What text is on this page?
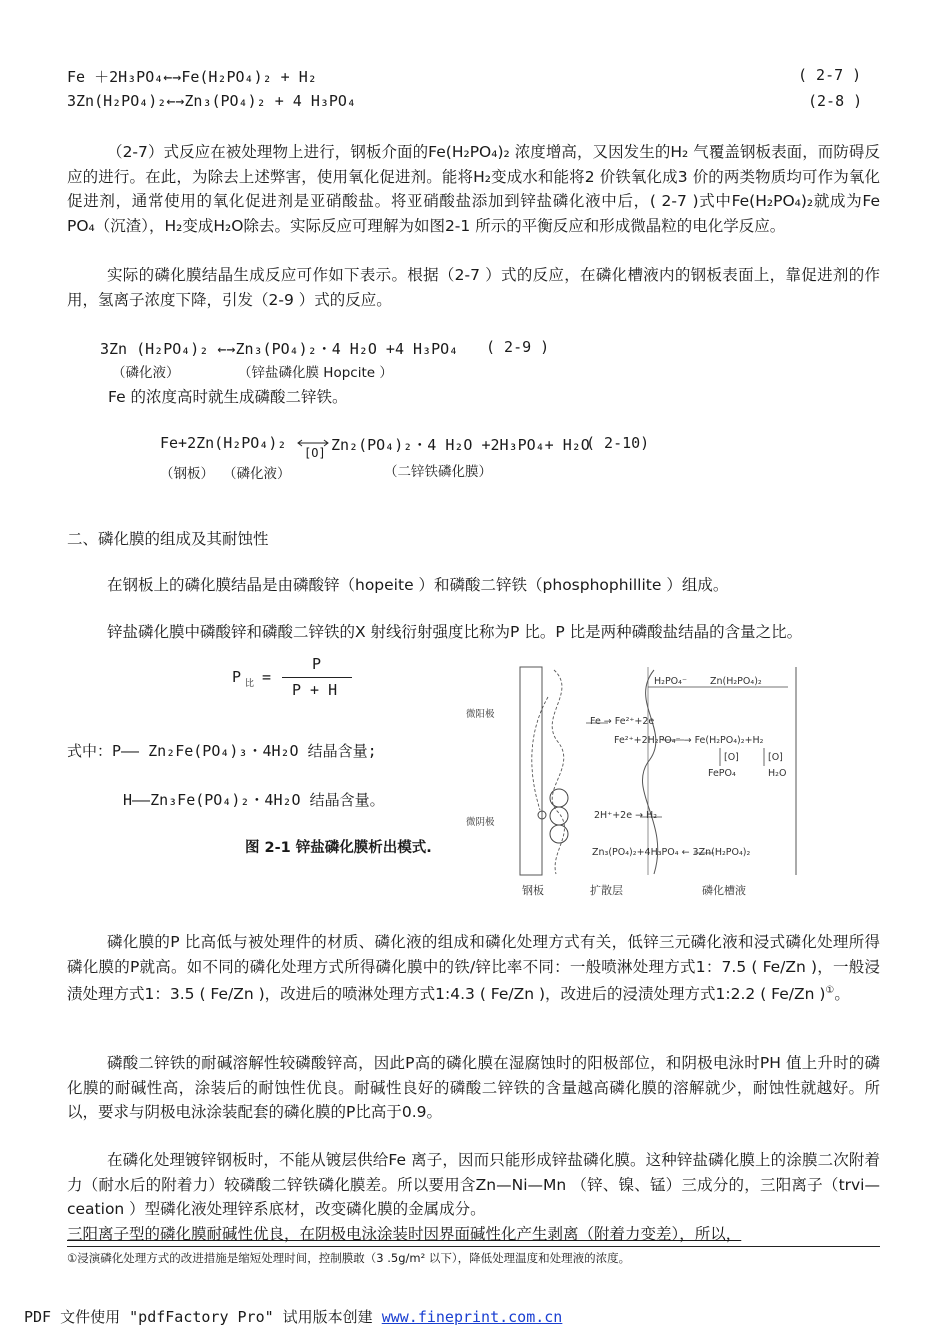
Fe ＋2H₃PO₄←→Fe(H₂PO₄)₂ + H₂	( 2-7 )
3Zn(H₂PO₄)₂←→Zn₃(PO₄)₂ + 4 H₃PO₄	(2-8 )
（2-7）式反应在被处理物上进行，钢板介面的Fe(H₂PO₄)₂ 浓度增高，又因发生的H₂ 气覆盖钢板表面，而防碍反应的进行。在此，为除去上述弊害，使用氧化促进剂。能将H₂变成水和能将2 价铁氧化成3 价的两类物质均可作为氧化促进剂，通常使用的氧化促进剂是亚硝酸盐。将亚硝酸盐添加到锌盐磷化液中后，( 2-7 )式中Fe(H₂PO₄)₂就成为Fe PO₄（沉渣），H₂变成H₂O除去。实际反应可理解为如图2-1 所示的平衡反应和形成微晶粒的电化学反应。
实际的磷化膜结晶生成反应可作如下表示。根据（2-7 ）式的反应，在磷化槽液内的钢板表面上，靠促进剂的作用，氢离子浓度下降，引发（2-9 ）式的反应。
3Zn (H₂PO₄)₂ ←→Zn₃(PO₄)₂・4 H₂O +4 H₃PO₄ ( 2-9 )
（磷化液）	（锌盐磷化膜 Hopcite ）
Fe 的浓度高时就生成磷酸二锌铁。
Fe+2Zn(H₂PO₄)₂
[O] Zn₂(PO₄)₂・4 H₂O +2H₃PO₄+ H₂O
( 2-10)
（钢板） （磷化液）	（二锌铁磷化膜）
二、磷化膜的组成及其耐蚀性
在钢板上的磷化膜结晶是由磷酸锌（hopeite ）和磷酸二锌铁（phosphophillite ）组成。
锌盐磷化膜中磷酸锌和磷酸二锌铁的X 射线衍射强度比称为P 比。P 比是两种磷酸盐结晶的含量之比。
P 比 =
P
P + H
式中：P—— Zn₂Fe(PO₄)₃・4H₂O 结晶含量;
H——Zn₃Fe(PO₄)₂・4H₂O 结晶含量。
图 2-1 锌盐磷化膜析出模式.
微阳极
微阴极
H₂PO₄⁻ Zn(H₂PO₄)₂
Fe → Fe²⁺+2e
Fe²⁺+2H₂PO₄⁻ → Fe(H₂PO₄)₂+H₂
[O]	[O]
FePO₄	H₂O
2H⁺+2e → H₂
Zn₃(PO₄)₂+4H₃PO₄ ← 3Zn(H₂PO₄)₂
钢板	扩散层	磷化槽液
磷化膜的P 比高低与被处理件的材质、磷化液的组成和磷化处理方式有关，低锌三元磷化液和浸式磷化处理所得磷化膜的P就高。如不同的磷化处理方式所得磷化膜中的铁/锌比率不同：一般喷淋处理方式1：7.5 ( Fe/Zn )，一般浸渍处理方式1：3.5 ( Fe/Zn )，改进后的喷淋处理方式1:4.3 ( Fe/Zn )，改进后的浸渍处理方式1:2.2 ( Fe/Zn )①。
磷酸二锌铁的耐碱溶解性较磷酸锌高，因此P高的磷化膜在湿腐蚀时的阳极部位，和阴极电泳时PH 值上升时的磷化膜的耐碱性高，涂装后的耐蚀性优良。耐碱性良好的磷酸二锌铁的含量越高磷化膜的溶解就少，耐蚀性就越好。所以，要求与阴极电泳涂装配套的磷化膜的P比高于0.9。
在磷化处理镀锌钢板时，不能从镀层供给Fe 离子，因而只能形成锌盐磷化膜。这种锌盐磷化膜上的涂膜二次附着力（耐水后的附着力）较磷酸二锌铁磷化膜差。所以要用含Zn—Ni—Mn （锌、镍、锰）三成分的，三阳离子（trvi—ceation ）型磷化液处理锌系底材，改变磷化膜的金属成分。
三阳离子型的磷化膜耐碱性优良，在阴极电泳涂装时因界面碱性化产生剥离（附着力变差），所以，
①浸演磷化处理方式的改进措施是缩短处理时间，控制膜敢（3 .5g/m² 以下），降低处理温度和处理液的浓度。
PDF 文件使用 "pdfFactory Pro" 试用版本创建 www.fineprint.com.cn
